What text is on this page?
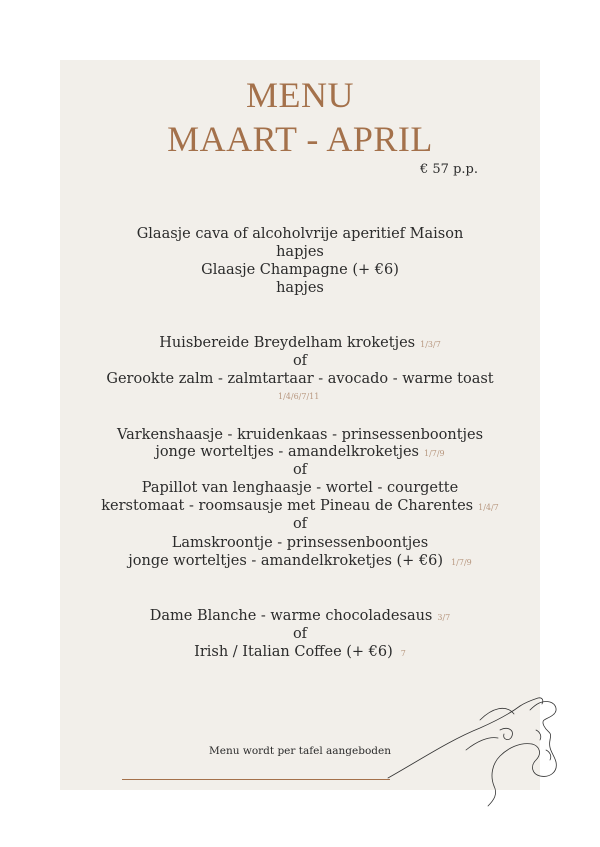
MENU
MAART - APRIL
€ 57 p.p.
Glaasje cava of alcoholvrije aperitief Maison
hapjes
Glaasje Champagne (+ €6)
hapjes
Huisbereide Breydelham kroketjes 1/3/7
of
Gerookte zalm - zalmtartaar - avocado - warme toast
1/4/6/7/11
Varkenshaasje - kruidenkaas - prinsessenboontjes
jonge worteltjes - amandelkroketjes 1/7/9
of
Papillot van lenghaasje - wortel - courgette
kerstomaat - roomsausje met Pineau de Charentes 1/4/7
of
Lamskroontje - prinsessenboontjes
jonge worteltjes - amandelkroketjes (+ €6) 1/7/9
Dame Blanche - warme chocoladesaus 3/7
of
Irish / Italian Coffee (+ €6) 7
Menu wordt per tafel aangeboden
